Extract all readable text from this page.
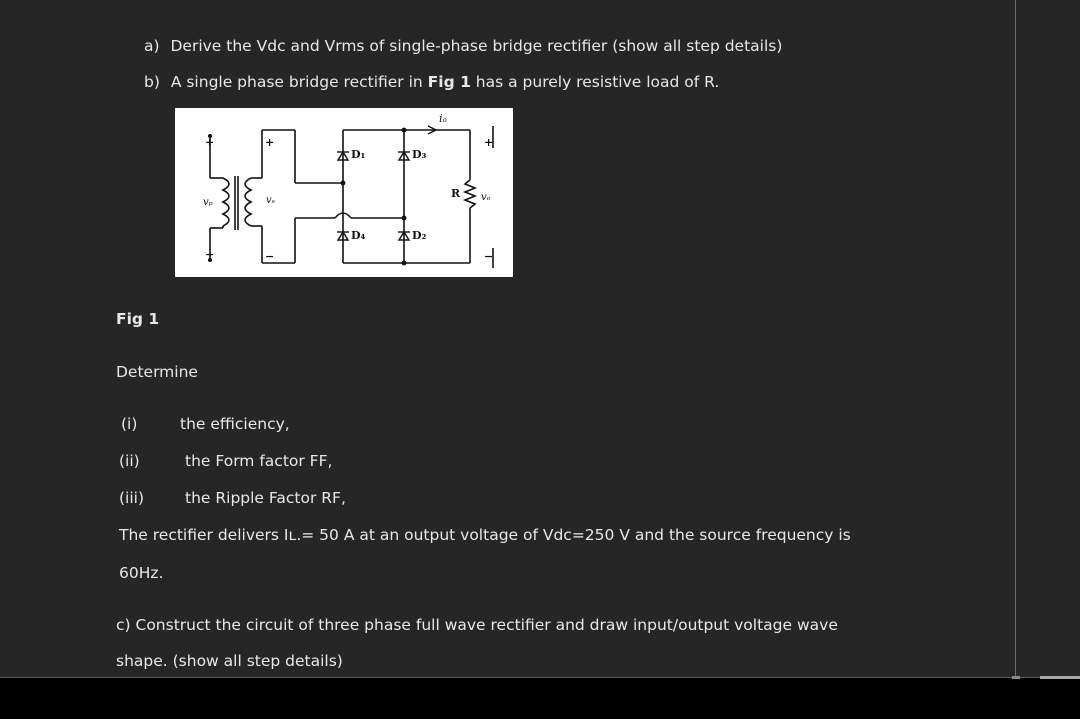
a) Derive the Vdc and Vrms of single-phase bridge rectifier (show all step details)
b) A single phase bridge rectifier in Fig 1 has a purely resistive load of R.
iₒ
D₁	D₃
D₄	D₂
vₚ	vₛ
R vₒ
+
−
+
−
+
−
Fig 1
Determine
(i)	the efficiency,
(ii)	the Form factor FF,
(iii)	the Ripple Factor RF,
The rectifier delivers Iʟ.= 50 A at an output voltage of Vdc=250 V and the source frequency is
60Hz.
c) Construct the circuit of three phase full wave rectifier and draw input/output voltage wave
shape. (show all step details)
